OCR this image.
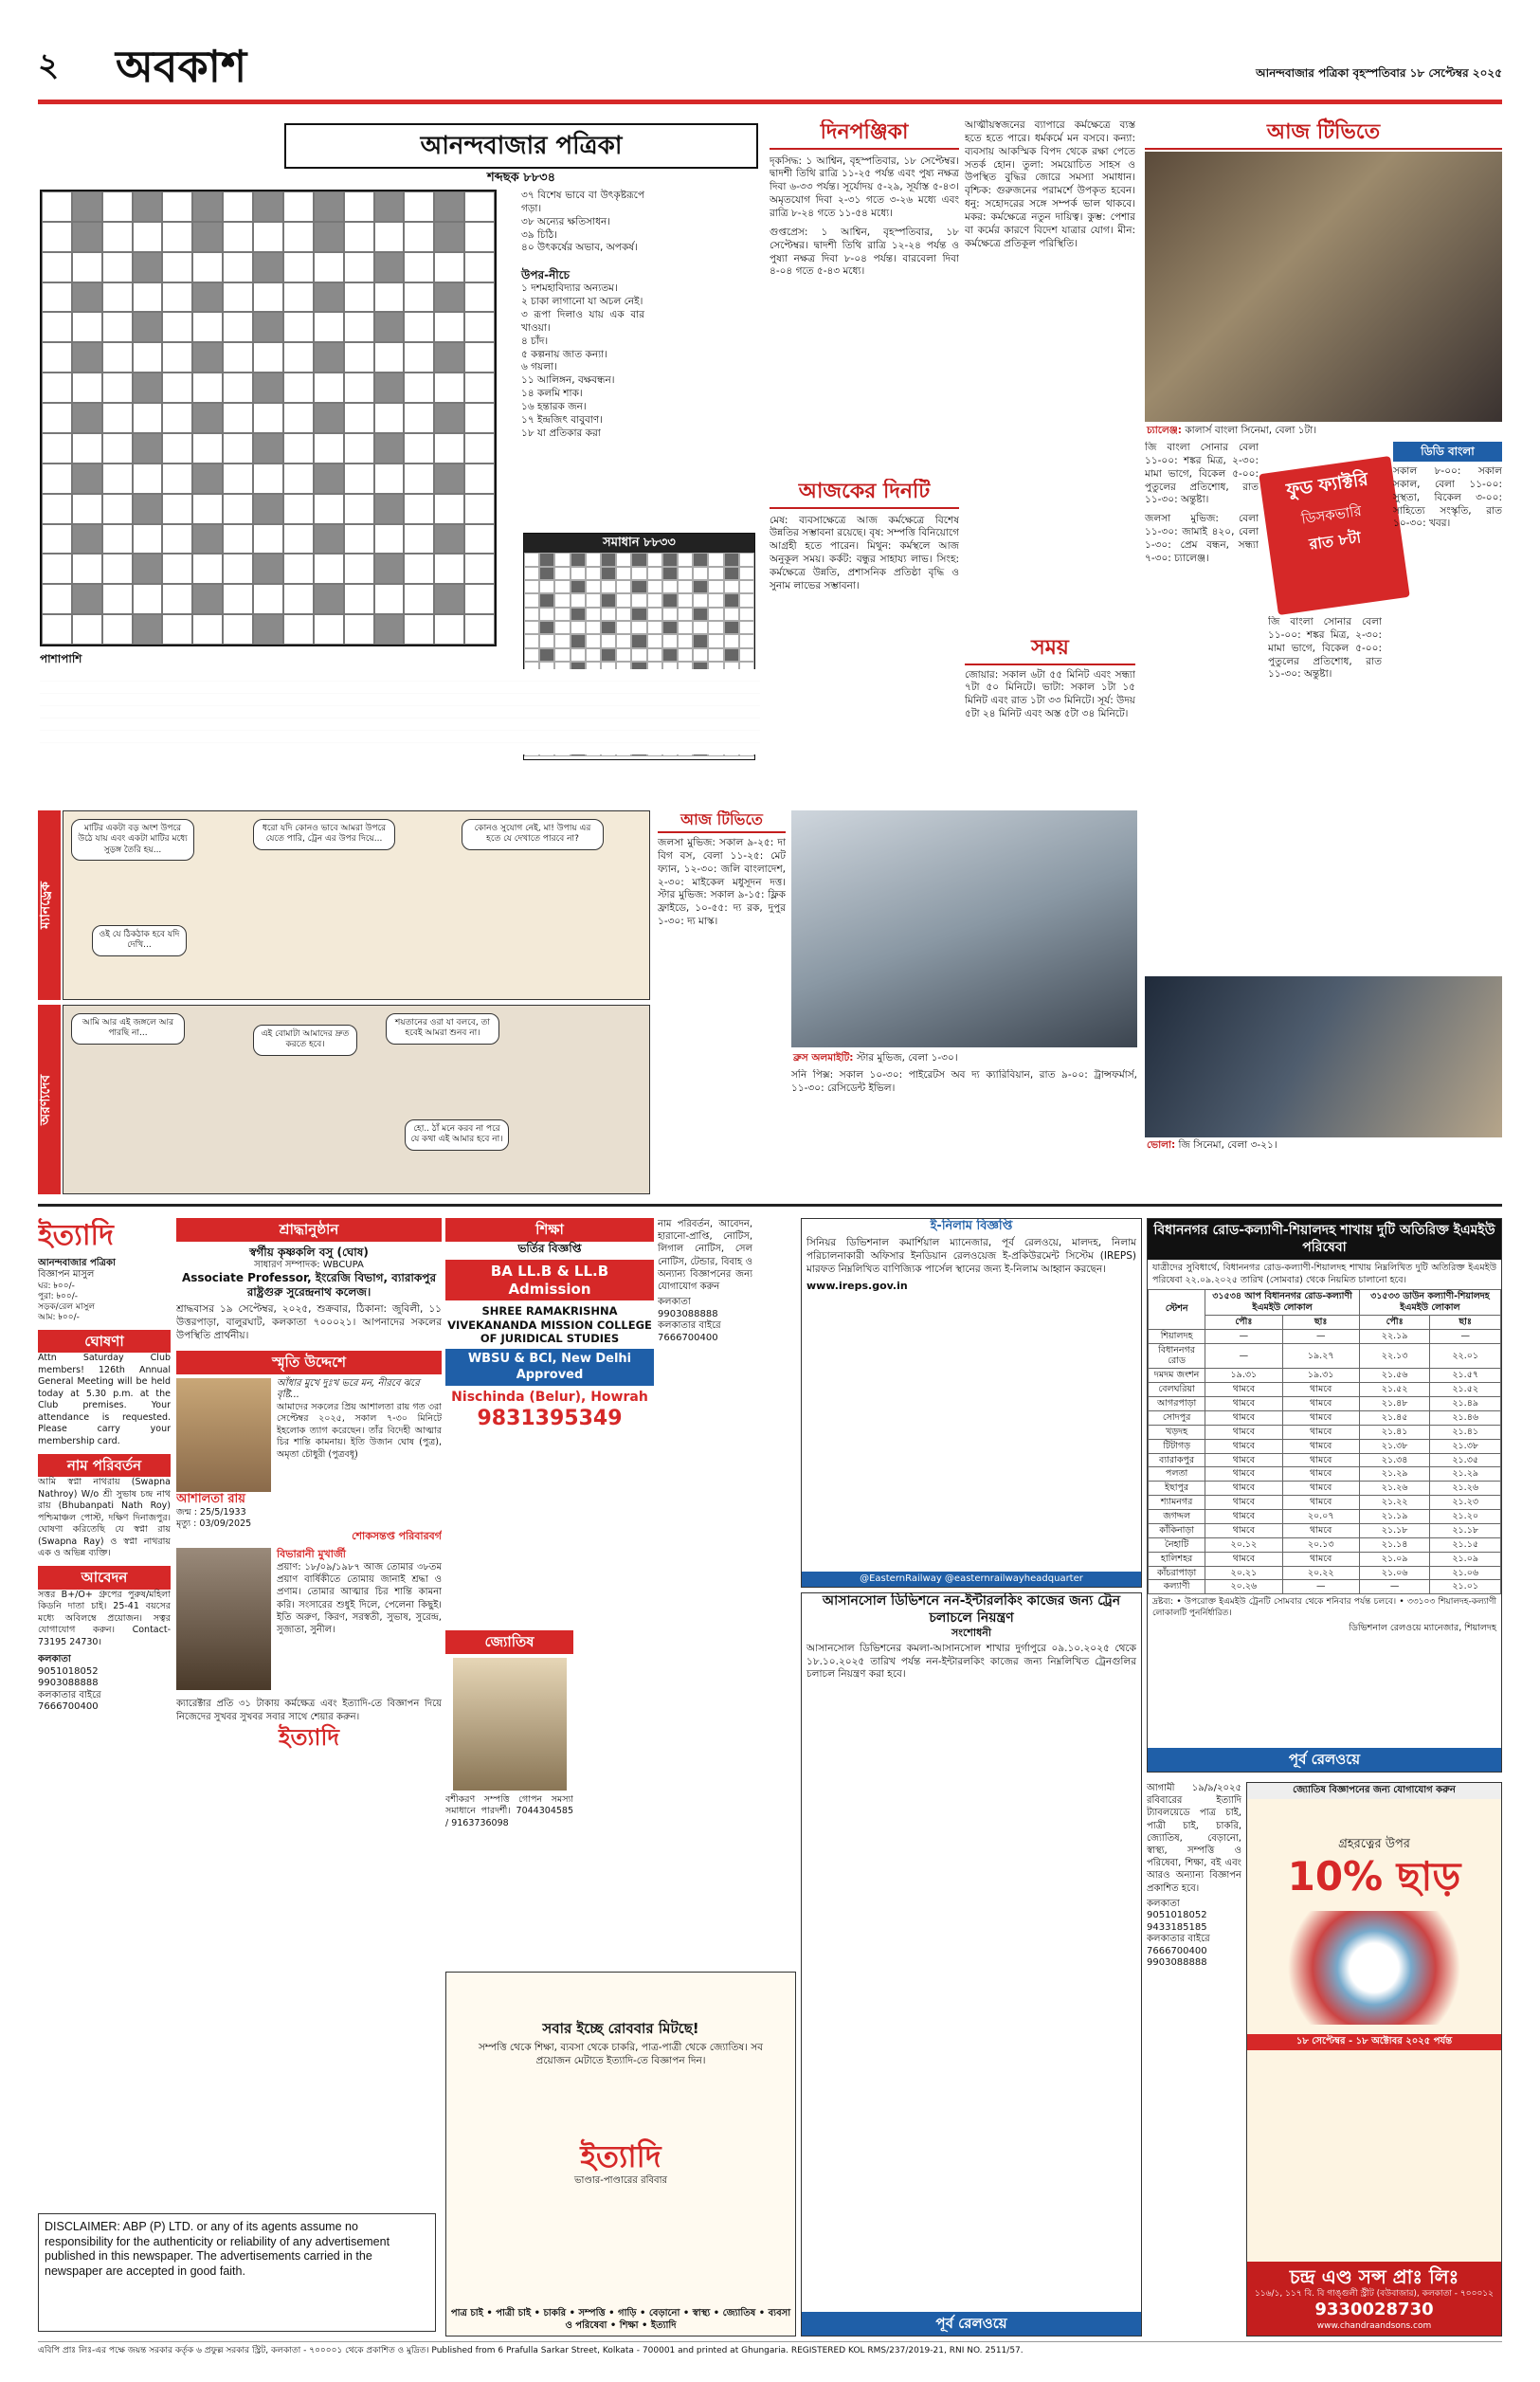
২ অবকাশ	আনন্দবাজার পত্রিকা বৃহস্পতিবার ১৮ সেপ্টেম্বর ২০২৫
আনন্দবাজার পত্রিকা
শব্দছক ৮৮৩৪
৩৭ বিশেষ ভাবে বা উৎকৃষ্টরূপে গড়া।
৩৮ অন্যের ক্ষতিসাধন।
৩৯ চিঠি।
৪০ উৎকর্ষের অভাব, অপকর্ষ।
উপর-নীচে
১ দশমহাবিদ্যার অন্যতম।
২ চাকা লাগানো যা অচল নেই।
৩ রূপা দিলাও যায় এক বার খাওয়া।
৪ চাঁদ।
৫ কল্পনায় জাত কন্যা।
৬ গয়লা।
১১ আলিঙ্গন, বক্ষবন্ধন।
১৪ কলমি শাক।
১৬ হন্তারক জন।
১৭ ইন্দ্রজিৎ বাবুবাণ।
১৮ যা প্রতিকার করা
সমাধান ৮৮৩৩
পাশাপাশি
দিনপঞ্জিকা
দৃকসিদ্ধ: ১ আশ্বিন, বৃহস্পতিবার, ১৮ সেপ্টেম্বর। দ্বাদশী তিথি রাত্রি ১১-২৫ পর্যন্ত এবং পুষ্য নক্ষত্র দিবা ৬-৩৩ পর্যন্ত। সূর্যোদয় ৫-২৯, সূর্যাস্ত ৫-৪৩। অমৃতযোগ দিবা ২-৩১ গতে ৩-২৬ মধ্যে এবং রাত্রি ৮-২৪ গতে ১১-৫৪ মধ্যে।
গুপ্তপ্রেস: ১ আশ্বিন, বৃহস্পতিবার, ১৮ সেপ্টেম্বর। দ্বাদশী তিথি রাত্রি ১২-২৪ পর্যন্ত ও পুষ্যা নক্ষত্র দিবা ৮-০৪ পর্যন্ত। বারবেলা দিবা ৪-০৪ গতে ৫-৪৩ মধ্যে।
আজকের দিনটি
মেষ: ব্যবসাক্ষেত্রে আজ কর্মক্ষেত্রে বিশেষ উন্নতির সম্ভাবনা রয়েছে। বৃষ: সম্পত্তি বিনিয়োগে আগ্রহী হতে পারেন। মিথুন: কর্মস্থলে আজ অনুকূল সময়। কর্কট: বন্ধুর সাহায্য লাভ। সিংহ: কর্মক্ষেত্রে উন্নতি, প্রশাসনিক প্রতিষ্ঠা বৃদ্ধি ও সুনাম লাভের সম্ভাবনা।
আত্মীয়স্বজনের ব্যাপারে কর্মক্ষেত্রে ব্যস্ত হতে হতে পারে। ধর্মকর্মে মন বসবে। কন্যা: ব্যবসায় আকস্মিক বিপদ থেকে রক্ষা পেতে সতর্ক হোন। তুলা: সময়োচিত সাহস ও উপস্থিত বুদ্ধির জোরে সমস্যা সমাধান। বৃশ্চিক: গুরুজনের পরামর্শে উপকৃত হবেন। ধনু: সহোদরের সঙ্গে সম্পর্ক ভাল থাকবে। মকর: কর্মক্ষেত্রে নতুন দায়িত্ব। কুম্ভ: পেশার বা কর্মের কারণে বিদেশ যাত্রার যোগ। মীন: কর্মক্ষেত্রে প্রতিকূল পরিস্থিতি।
সময়
জোয়ার: সকাল ৬টা ৫৫ মিনিট এবং সন্ধ্যা ৭টা ৫০ মিনিটে। ভাটা: সকাল ১টা ১৫ মিনিট এবং রাত ১টা ৩৩ মিনিটে। সূর্য: উদয় ৫টা ২৪ মিনিট এবং অস্ত ৫টা ৩৪ মিনিটে।
আজ টিভিতে
চ্যালেঞ্জ: কালার্স বাংলা সিনেমা, বেলা ১টা।
জি বাংলা সোনার বেলা ১১-০০: শঙ্কর মিত্র, ২-৩০: মামা ভাগে, বিকেল ৫-০০: পুতুলের প্রতিশোধ, রাত ১১-৩০: অন্তুষ্টা।
জলসা মুভিজ: বেলা ১১-৩০: জামাই ৪২০, বেলা ১-৩০: প্রেম বন্ধন, সন্ধ্যা ৭-৩০: চ্যালেঞ্জ।
ফুড ফ্যাক্টরি
ডিসকভারি
রাত ৮টা
জি বাংলা সোনার বেলা ১১-০০: শঙ্কর মিত্র, ২-৩০: মামা ভাগে, বিকেল ৫-০০: পুতুলের প্রতিশোধ, রাত ১১-৩০: অন্তুষ্টা।
ডিডি বাংলা
সকাল ৮-০০: সকাল সকাল, বেলা ১১-০০: সুস্থতা, বিকেল ৩-০০: সাহিত্যে সংস্কৃতি, রাত ১০-৩০: খবর।
ভোলা: জি সিনেমা, বেলা ৩-২১।
ম্যানড্রেক
মাটির একটা বড় অংশ উপরে উঠে যায় এবং একটা মাটির মধ্যে সুড়ঙ্গ তৈরি হয়...
ধরো যদি কোনও ভাবে আমরা উপরে যেতে পারি, ট্রেন এর উপর দিয়ে...
কোনও সুযোগ নেই, মা! উপায় এর হতে যে দেখাতে পারবে না?
ওই যে ঠিকঠাক হবে যদি দেখি...
অরণ্যদেব
আমি আর এই জঙ্গলে আর পারছি না...
শয়তানের ওরা যা বলবে, তা হবেই আমরা শুনব না।
এই বোমাটা আমাদের দ্রুত করতে হবে।
হো.. ঠাঁ মনে করব না পরে যে কথা এই আমার হবে না।
আজ টিভিতে
জলসা মুভিজ: সকাল ৯-২৫: দা বিগ বস, বেলা ১১-২৫: মেট ফ্যান, ১২-৩০: জলি বাংলাদেশ, ২-৩০: মাইকেল মধুসূদন দত্ত। স্টার মুভিজ: সকাল ৯-১৫: ফ্লিক ফ্রাইডে, ১০-৫৫: দ্য রক, দুপুর ১-৩০: দ্য মাস্ক।
ব্রুস অলমাইটি: স্টার মুভিজ, বেলা ১-৩০।
সনি পিক্স: সকাল ১০-৩০: পাইরেটস অব দ্য ক্যারিবিয়ান, রাত ৯-০০: ট্রান্সফর্মার্স, ১১-৩০: রেসিডেন্ট ইভিল।
ইত্যাদি
আনন্দবাজার পত্রিকা
বিজ্ঞাপন মাসুল
ঘর: ৳০০/-
পুরা: ৳০০/-
সড়ক/রেল মাসুল
আম: ৳০০/-
ঘোষণা
Attn Saturday Club members! 126th Annual General Meeting will be held today at 5.30 p.m. at the Club premises. Your attendance is requested. Please carry your membership card.
নাম পরিবর্তন
আমি স্বপ্না নাথরায় (Swapna Nathroy) W/o শ্রী সুভাষ চন্দ্র নাথ রায় (Bhubanpati Nath Roy) পশ্চিমাঞ্চল পোস্ট, দক্ষিণ দিনাজপুর। ঘোষণা করিতেছি যে স্বপ্না রায় (Swapna Ray) ও স্বপ্না নাথরায় এক ও অভিন্ন ব্যক্তি।
আবেদন
সত্তর B+/O+ গ্রুপের পুরুষ/মহিলা কিডনি দাতা চাই। 25-41 বয়সের মধ্যে অবিলম্বে প্রয়োজন। সত্বর যোগাযোগ করুন। Contact- 73195 24730।
কলকাতা
9051018052
9903088888
কলকাতার বাইরে
7666700400
DISCLAIMER: ABP (P) LTD. or any of its agents assume no responsibility for the authenticity or reliability of any advertisement published in this newspaper. The advertisements carried in the newspaper are accepted in good faith.
শ্রাদ্ধানুষ্ঠান
স্বর্গীয় কৃষ্ণকলি বসু (ঘোষ)
সাধারণ সম্পাদক: WBCUPA
Associate Professor, ইংরেজি বিভাগ, ব্যারাকপুর রাষ্ট্রগুরু সুরেন্দ্রনাথ কলেজ।
শ্রাদ্ধবাসর ১৯ সেপ্টেম্বর, ২০২৫, শুক্রবার, ঠিকানা: জুবিলী, ১১ উত্তরপাড়া, বালুরঘাট, কলকাতা ৭০০০২১। আপনাদের সকলের উপস্থিতি প্রার্থনীয়।
স্মৃতি উদ্দেশে
আঁধার মুখে দুঃখ ভরে মন, নীরবে ঝরে বৃষ্টি...
আমাদের সকলের প্রিয় আশালতা রায় গত ৩রা সেপ্টেম্বর ২০২৫, সকাল ৭-৩০ মিনিটে ইহলোক ত্যাগ করেছেন। তাঁর বিদেহী আত্মার চির শান্তি কামনায়। ইতি উজান ঘোষ (পুত্র), অমৃতা চৌধুরী (পুত্রবধূ)
আশালতা রায়
জন্ম : 25/5/1933
মৃত্যু : 03/09/2025
শোকসন্তপ্ত পরিবারবর্গ
বিভারানী মুখার্জী
প্রয়াণ: ১৮/০৯/১৯৮৭ আজ তোমার ৩৮তম প্রয়াণ বার্ষিকীতে তোমায় জানাই শ্রদ্ধা ও প্রণাম। তোমার আত্মার চির শান্তি কামনা করি। সংসারের শুধুই দিলে, পেলেনা কিছুই। ইতি অরুণ, কিরণ, সরস্বতী, সুভাষ, সুরেন্দ্র, সুজাতা, সুনীল।
ক্যারেক্টার প্রতি ৩১ টাকায় কর্মক্ষেত্র এবং ইত্যাদি-তে বিজ্ঞাপন দিয়ে নিজেদের সুখবর সুখবর সবার সাথে শেয়ার করুন।
ইত্যাদি
শিক্ষা
ভর্তির বিজ্ঞপ্তি
BA LL.B & LL.B Admission
SHREE RAMAKRISHNA VIVEKANANDA MISSION COLLEGE OF JURIDICAL STUDIES
WBSU & BCI, New Delhi Approved
Nischinda (Belur), Howrah
9831395349
নাম পরিবর্তন, আবেদন, হারানো-প্রাপ্তি, নোটিস, লিগাল নোটিস, সেল নোটিস, টেন্ডার, বিবাহ ও অন্যান্য বিজ্ঞাপনের জন্য যোগাযোগ করুন
কলকাতা
9903088888
কলকাতার বাইরে
7666700400
জ্যোতিষ
বশীকরণ সম্পত্তি গোপন সমস্যা সমাধানে পারদর্শী। 7044304585 / 9163736098
সবার ইচ্ছে রোববার মিটছে!
সম্পত্তি থেকে শিক্ষা, ব্যবসা থেকে চাকরি, পাত্র-পাত্রী থেকে জ্যোতিষ। সব প্রয়োজন মেটাতে ইত্যাদি-তে বিজ্ঞাপন দিন।
ইত্যাদি
ভাণ্ডার-পাণ্ডারের রবিবার
পাত্র চাই • পাত্রী চাই • চাকরি • সম্পত্তি • গাড়ি • বেড়ানো • স্বাস্থ্য • জ্যোতিষ • ব্যবসা ও পরিষেবা • শিক্ষা • ইত্যাদি
ই-নিলাম বিজ্ঞপ্তি
সিনিয়র ডিভিশনাল কমার্শিয়াল ম্যানেজার, পূর্ব রেলওয়ে, মালদহ, নিলাম পরিচালনাকারী অফিসার ইনডিয়ান রেলওয়েজ ই-প্রকিউরমেন্ট সিস্টেম (IREPS) মারফত নিম্নলিখিত বাণিজ্যিক পার্সেল স্থানের জন্য ই-নিলাম আহ্বান করছেন।
www.ireps.gov.in
@EasternRailway @easternrailwayheadquarter
আসানসোল ডিভিশনে নন-ইন্টারলকিং কাজের জন্য ট্রেন চলাচলে নিয়ন্ত্রণ
সংশোধনী
আসানসোল ডিভিশনের কমলা-আসানসোল শাখার দুর্গাপুরে ০৯.১০.২০২৫ থেকে ১৮.১০.২০২৫ তারিখ পর্যন্ত নন-ইন্টারলকিং কাজের জন্য নিম্নলিখিত ট্রেনগুলির চলাচল নিয়ন্ত্রণ করা হবে।
পূর্ব রেলওয়ে
বিধাননগর রোড-কল্যাণী-শিয়ালদহ শাখায় দুটি অতিরিক্ত ইএমইউ পরিষেবা
যাত্রীদের সুবিধার্থে, বিধাননগর রোড-কল্যাণী-শিয়ালদহ শাখায় নিম্নলিখিত দুটি অতিরিক্ত ইএমইউ পরিষেবা ২২.০৯.২০২৫ তারিখ (সোমবার) থেকে নিয়মিত চালানো হবে।
স্টেশন	৩১৫৩৪ আপ বিধাননগর রোড-কল্যাণী ইএমইউ লোকাল		৩১৫৩৩ ডাউন কল্যাণী-শিয়ালদহ ইএমইউ লোকাল	
	পৌঃ	ছাঃ	পৌঃ	ছাঃ
শিয়ালদহ	—	—	২২.১৯	—
বিধাননগর রোড	—	১৯.২৭	২২.১৩	২২.০১
দমদম জংশন	১৯.৩১	১৯.৩১	২১.৫৬	২১.৫৭
বেলঘরিয়া	থামবে	থামবে	২১.৫২	২১.৫২
আগরপাড়া	থামবে	থামবে	২১.৪৮	২১.৪৯
সোদপুর	থামবে	থামবে	২১.৪৫	২১.৪৬
খড়দহ	থামবে	থামবে	২১.৪১	২১.৪১
টিটাগড়	থামবে	থামবে	২১.৩৮	২১.৩৮
ব্যারাকপুর	থামবে	থামবে	২১.৩৪	২১.৩৫
পলতা	থামবে	থামবে	২১.২৯	২১.২৯
ইছাপুর	থামবে	থামবে	২১.২৬	২১.২৬
শ্যামনগর	থামবে	থামবে	২১.২২	২১.২৩
জগদ্দল	থামবে	২০.০৭	২১.১৯	২১.২০
কাঁকিনাড়া	থামবে	থামবে	২১.১৮	২১.১৮
নৈহাটি	২০.১২	২০.১৩	২১.১৪	২১.১৫
হালিশহর	থামবে	থামবে	২১.০৯	২১.০৯
কাঁচরাপাড়া	২০.২১	২০.২২	২১.০৬	২১.০৬
কল্যাণী	২০.২৬	—	—	২১.০১
দ্রষ্টব্য: • উপরোক্ত ইএমইউ ট্রেনটি সোমবার থেকে শনিবার পর্যন্ত চলবে। • ৩৩১০৩ শিয়ালদহ-কল্যাণী লোকালটি পুনর্নির্ধারিত।
ডিভিশনাল রেলওয়ে ম্যানেজার, শিয়ালদহ
পূর্ব রেলওয়ে
আগামী ১৯/৯/২০২৫ রবিবারের ইত্যাদি ট্যাবলয়েডে পাত্র চাই, পাত্রী চাই, চাকরি, জ্যোতিষ, বেড়ানো, স্বাস্থ্য, সম্পত্তি ও পরিষেবা, শিক্ষা, বই এবং আরও অন্যান্য বিজ্ঞাপন প্রকাশিত হবে।
কলকাতা
9051018052
9433185185
কলকাতার বাইরে
7666700400
9903088888
জ্যোতিষ বিজ্ঞাপনের জন্য যোগাযোগ করুন
গ্রহরত্নের উপর
10% ছাড়
১৮ সেপ্টেম্বর - ১৮ অক্টোবর ২০২৫ পর্যন্ত
চন্দ্র এণ্ড সন্স প্রাঃ লিঃ
১১৬/১, ১১৭ বি. বি গাঙ্গুলী স্ট্রীট (বউবাজার), কলকাতা - ৭০০০১২
9330028730
www.chandraandsons.com
এবিপি প্রাঃ লিঃ-এর পক্ষে জয়ন্ত সরকার কর্তৃক ৬ প্রফুল্ল সরকার স্ট্রিট, কলকাতা - ৭০০০০১ থেকে প্রকাশিত ও মুদ্রিত। Published from 6 Prafulla Sarkar Street, Kolkata - 700001 and printed at Ghungaria. REGISTERED KOL RMS/237/2019-21, RNI NO. 2511/57.
